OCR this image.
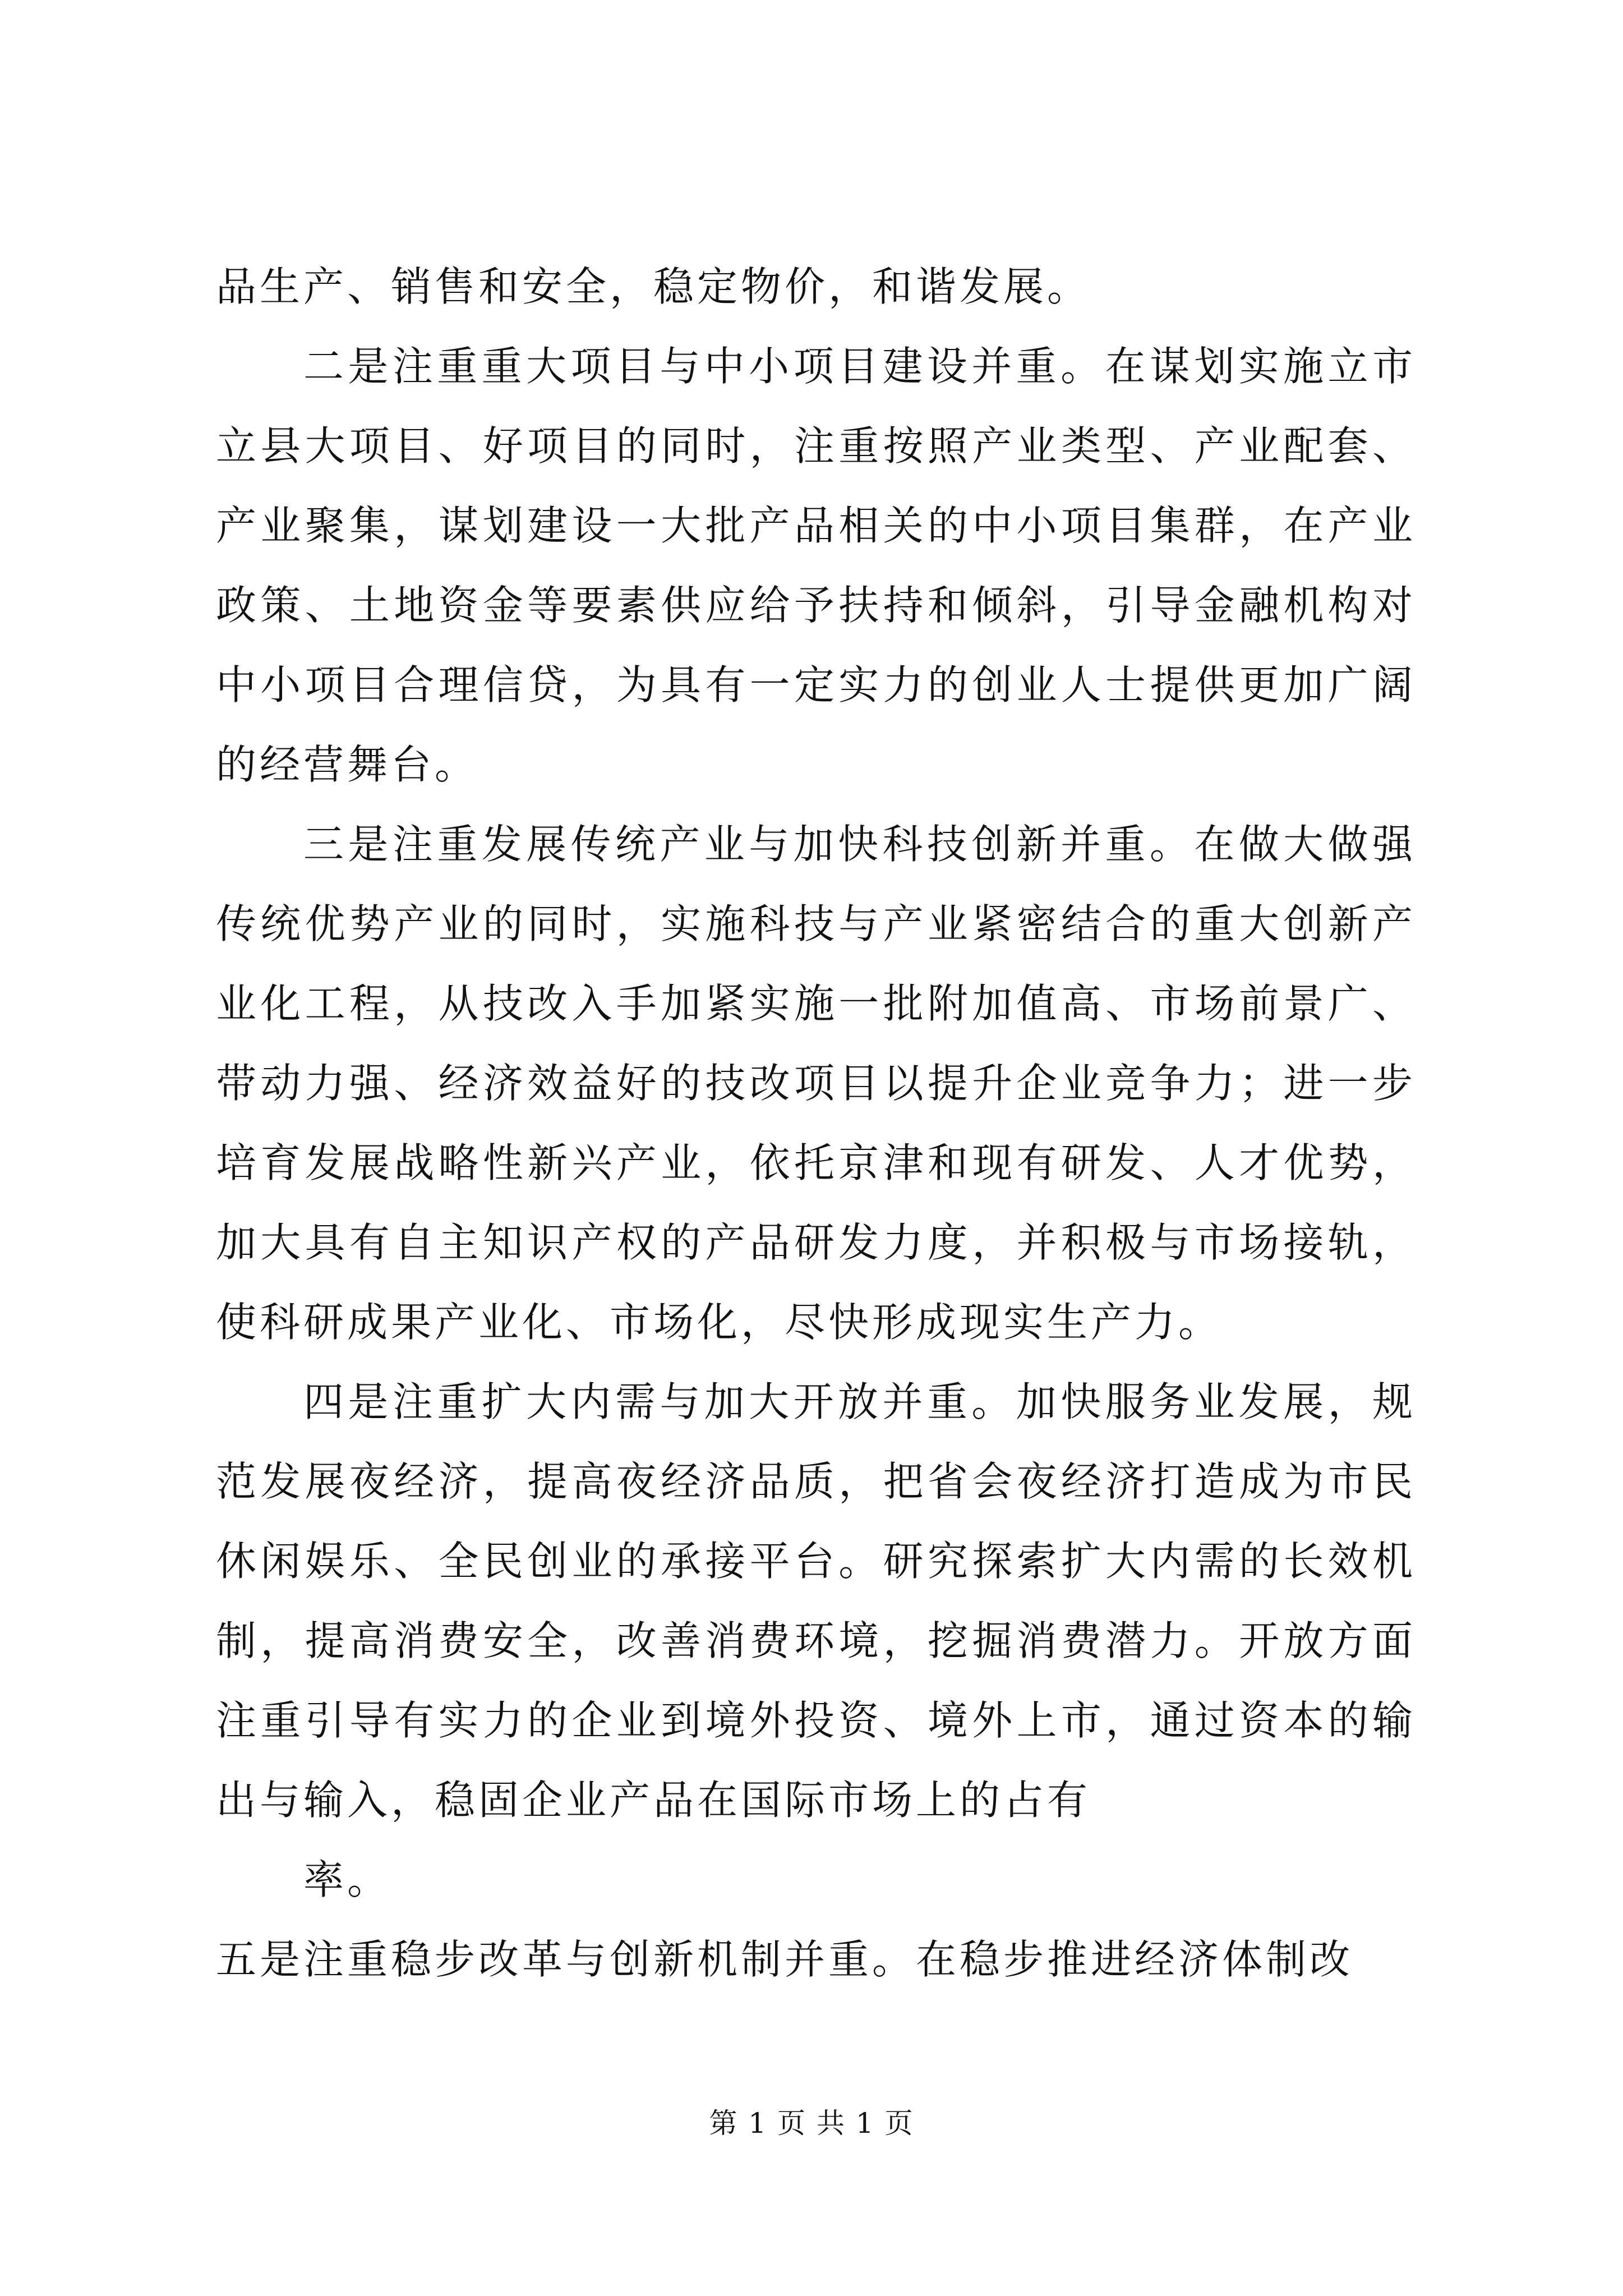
品生产、销售和安全，稳定物价，和谐发展。

二是注重重大项目与中小项目建设并重。在谋划实施立市立县大项目、好项目的同时，注重按照产业类型、产业配套、产业聚集，谋划建设一大批产品相关的中小项目集群，在产业政策、土地资金等要素供应给予扶持和倾斜，引导金融机构对中小项目合理信贷，为具有一定实力的创业人士提供更加广阔的经营舞台。

三是注重发展传统产业与加快科技创新并重。在做大做强传统优势产业的同时，实施科技与产业紧密结合的重大创新产业化工程，从技改入手加紧实施一批附加值高、市场前景广、带动力强、经济效益好的技改项目以提升企业竞争力；进一步培育发展战略性新兴产业，依托京津和现有研发、人才优势，加大具有自主知识产权的产品研发力度，并积极与市场接轨，使科研成果产业化、市场化，尽快形成现实生产力。

四是注重扩大内需与加大开放并重。加快服务业发展，规范发展夜经济，提高夜经济品质，把省会夜经济打造成为市民休闲娱乐、全民创业的承接平台。研究探索扩大内需的长效机制，提高消费安全，改善消费环境，挖掘消费潜力。开放方面注重引导有实力的企业到境外投资、境外上市，通过资本的输出与输入，稳固企业产品在国际市场上的占有

率。

五是注重稳步改革与创新机制并重。在稳步推进经济体制改

第 1 页 共 1 页
